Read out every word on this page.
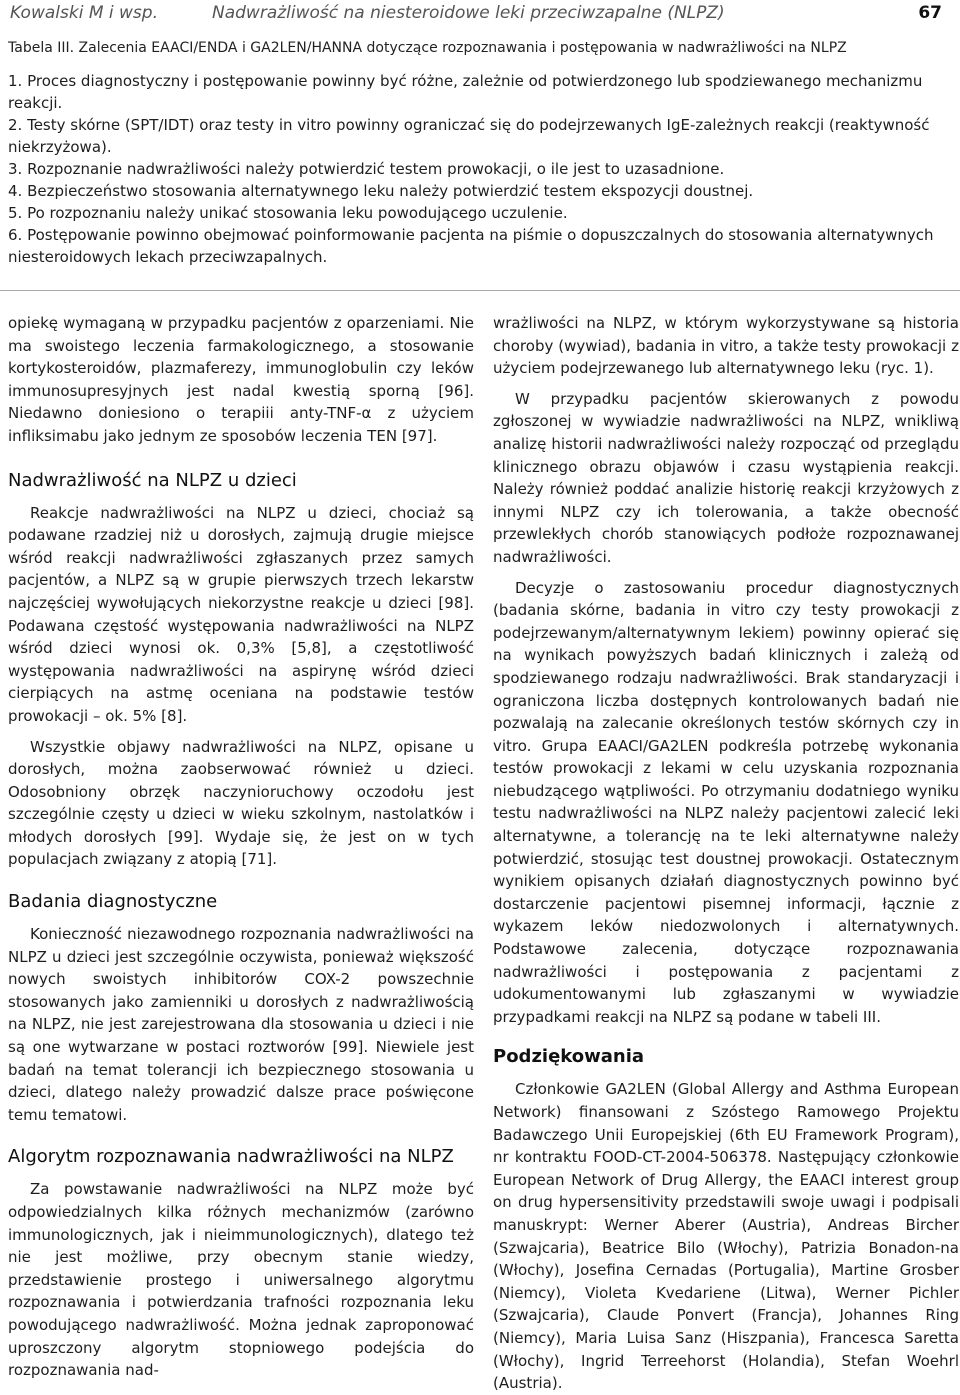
Kowalski M i wsp.	Nadwrażliwość na niesteroidowe leki przeciwzapalne (NLPZ)	67

Tabela III. Zalecenia EAACI/ENDA i GA2LEN/HANNA dotyczące rozpoznawania i postępowania w nadwrażliwości na NLPZ

1. Proces diagnostyczny i postępowanie powinny być różne, zależnie od potwierdzonego lub spodziewanego mechanizmu reakcji.
2. Testy skórne (SPT/IDT) oraz testy in vitro powinny ograniczać się do podejrzewanych IgE-zależnych reakcji (reaktywność niekrzyżowa).
3. Rozpoznanie nadwrażliwości należy potwierdzić testem prowokacji, o ile jest to uzasadnione.
4. Bezpieczeństwo stosowania alternatywnego leku należy potwierdzić testem ekspozycji doustnej.
5. Po rozpoznaniu należy unikać stosowania leku powodującego uczulenie.
6. Postępowanie powinno obejmować poinformowanie pacjenta na piśmie o dopuszczalnych do stosowania alternatywnych niesteroidowych lekach przeciwzapalnych.

opiekę wymaganą w przypadku pacjentów z oparzeniami. Nie ma swoistego leczenia farmakologicznego, a stosowanie kortykosteroidów, plazmaferezy, immunoglobulin czy leków immunosupresyjnych jest nadal kwestią sporną [96]. Niedawno doniesiono o terapiii anty-TNF-α z użyciem infliksimabu jako jednym ze sposobów leczenia TEN [97].

Nadwrażliwość na NLPZ u dzieci

Reakcje nadwrażliwości na NLPZ u dzieci, chociaż są podawane rzadziej niż u dorosłych, zajmują drugie miejsce wśród reakcji nadwrażliwości zgłaszanych przez samych pacjentów, a NLPZ są w grupie pierwszych trzech lekarstw najczęściej wywołujących niekorzystne reakcje u dzieci [98]. Podawana częstość występowania nadwrażliwości na NLPZ wśród dzieci wynosi ok. 0,3% [5,8], a częstotliwość występowania nadwrażliwości na aspirynę wśród dzieci cierpiących na astmę oceniana na podstawie testów prowokacji – ok. 5% [8].

Wszystkie objawy nadwrażliwości na NLPZ, opisane u dorosłych, można zaobserwować również u dzieci. Odosobniony obrzęk naczynioruchowy oczodołu jest szczególnie częsty u dzieci w wieku szkolnym, nastolatków i młodych dorosłych [99]. Wydaje się, że jest on w tych populacjach związany z atopią [71].

Badania diagnostyczne

Konieczność niezawodnego rozpoznania nadwrażliwości na NLPZ u dzieci jest szczególnie oczywista, ponieważ większość nowych swoistych inhibitorów COX-2 powszechnie stosowanych jako zamienniki u dorosłych z nadwrażliwością na NLPZ, nie jest zarejestrowana dla stosowania u dzieci i nie są one wytwarzane w postaci roztworów [99]. Niewiele jest badań na temat tolerancji ich bezpiecznego stosowania u dzieci, dlatego należy prowadzić dalsze prace poświęcone temu tematowi.

Algorytm rozpoznawania nadwrażliwości na NLPZ

Za powstawanie nadwrażliwości na NLPZ może być odpowiedzialnych kilka różnych mechanizmów (zarówno immunologicznych, jak i nieimmunologicznych), dlatego też nie jest możliwe, przy obecnym stanie wiedzy, przedstawienie prostego i uniwersalnego algorytmu rozpoznawania i potwierdzania trafności rozpoznania leku powodującego nadwrażliwość. Można jednak zaproponować uproszczony algorytm stopniowego podejścia do rozpoznawania nad-

wrażliwości na NLPZ, w którym wykorzystywane są historia choroby (wywiad), badania in vitro, a także testy prowokacji z użyciem podejrzewanego lub alternatywnego leku (ryc. 1).

W przypadku pacjentów skierowanych z powodu zgłoszonej w wywiadzie nadwrażliwości na NLPZ, wnikliwą analizę historii nadwrażliwości należy rozpocząć od przeglądu klinicznego obrazu objawów i czasu wystąpienia reakcji. Należy również poddać analizie historię reakcji krzyżowych z innymi NLPZ czy ich tolerowania, a także obecność przewlekłych chorób stanowiących podłoże rozpoznawanej nadwrażliwości.

Decyzje o zastosowaniu procedur diagnostycznych (badania skórne, badania in vitro czy testy prowokacji z podejrzewanym/alternatywnym lekiem) powinny opierać się na wynikach powyższych badań klinicznych i zależą od spodziewanego rodzaju nadwrażliwości. Brak standaryzacji i ograniczona liczba dostępnych kontrolowanych badań nie pozwalają na zalecanie określonych testów skórnych czy in vitro. Grupa EAACI/GA2LEN podkreśla potrzebę wykonania testów prowokacji z lekami w celu uzyskania rozpoznania niebudzącego wątpliwości. Po otrzymaniu dodatniego wyniku testu nadwrażliwości na NLPZ należy pacjentowi zalecić leki alternatywne, a tolerancję na te leki alternatywne należy potwierdzić, stosując test doustnej prowokacji. Ostatecznym wynikiem opisanych działań diagnostycznych powinno być dostarczenie pacjentowi pisemnej informacji, łącznie z wykazem leków niedozwolonych i alternatywnych. Podstawowe zalecenia, dotyczące rozpoznawania nadwrażliwości i postępowania z pacjentami z udokumentowanymi lub zgłaszanymi w wywiadzie przypadkami reakcji na NLPZ są podane w tabeli III.

Podziękowania

Członkowie GA2LEN (Global Allergy and Asthma European Network) finansowani z Szóstego Ramowego Projektu Badawczego Unii Europejskiej (6th EU Framework Program), nr kontraktu FOOD-CT-2004-506378. Następujący członkowie European Network of Drug Allergy, the EAACI interest group on drug hypersensitivity przedstawili swoje uwagi i podpisali manuskrypt: Werner Aberer (Austria), Andreas Bircher (Szwajcaria), Beatrice Bilo (Włochy), Patrizia Bonadon-na (Włochy), Josefina Cernadas (Portugalia), Martine Grosber (Niemcy), Violeta Kvedariene (Litwa), Werner Pichler (Szwajcaria), Claude Ponvert (Francja), Johannes Ring (Niemcy), Maria Luisa Sanz (Hiszpania), Francesca Saretta (Włochy), Ingrid Terreehorst (Holandia), Stefan Woehrl (Austria).
